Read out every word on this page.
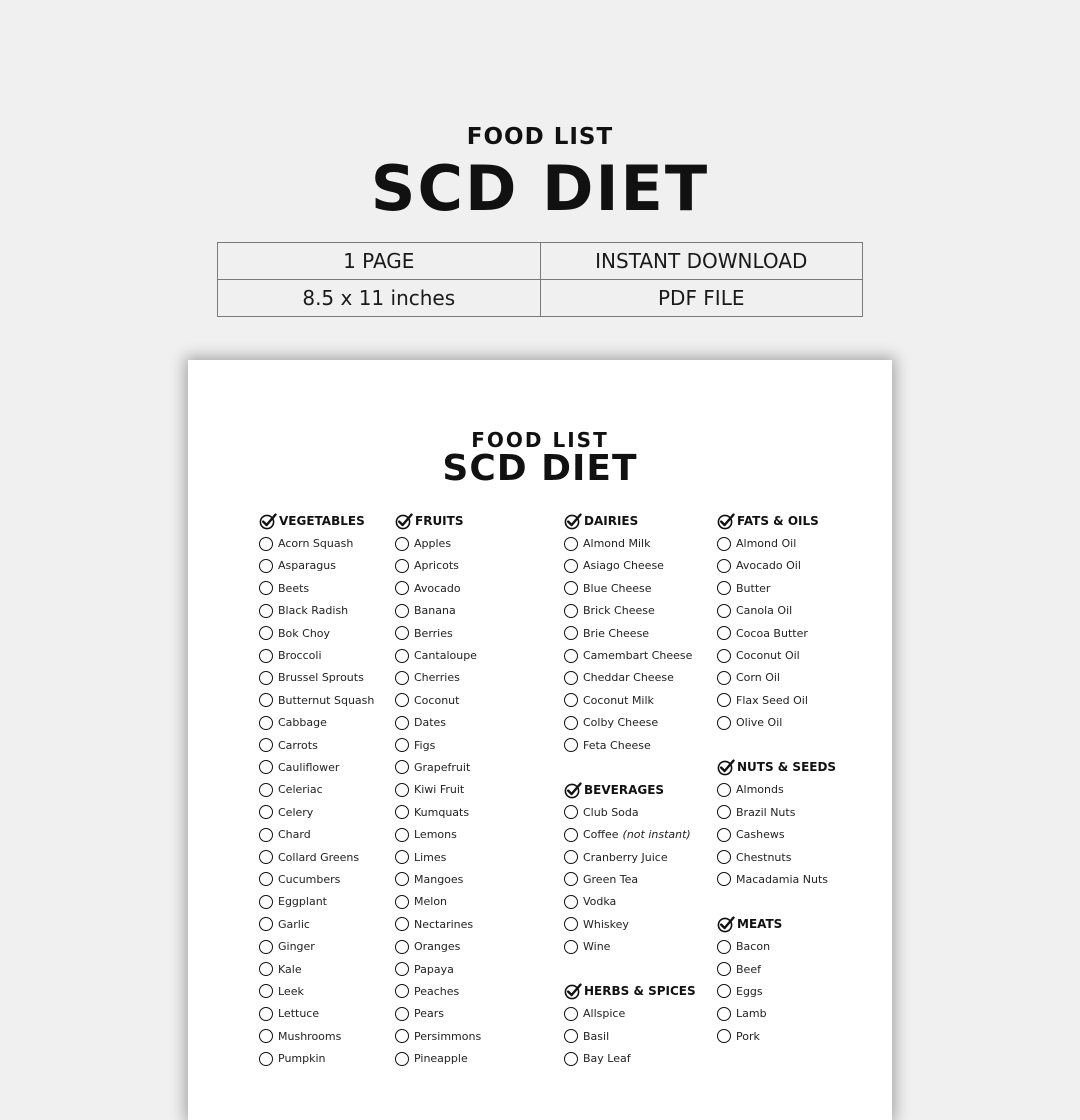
FOOD LIST
SCD DIET
1 PAGE	INSTANT DOWNLOAD
8.5 x 11 inches	PDF FILE
FOOD LIST
SCD DIET
VEGETABLES
Acorn Squash
Asparagus
Beets
Black Radish
Bok Choy
Broccoli
Brussel Sprouts
Butternut Squash
Cabbage
Carrots
Cauliflower
Celeriac
Celery
Chard
Collard Greens
Cucumbers
Eggplant
Garlic
Ginger
Kale
Leek
Lettuce
Mushrooms
Pumpkin
FRUITS
Apples
Apricots
Avocado
Banana
Berries
Cantaloupe
Cherries
Coconut
Dates
Figs
Grapefruit
Kiwi Fruit
Kumquats
Lemons
Limes
Mangoes
Melon
Nectarines
Oranges
Papaya
Peaches
Pears
Persimmons
Pineapple
DAIRIES
Almond Milk
Asiago Cheese
Blue Cheese
Brick Cheese
Brie Cheese
Camembart Cheese
Cheddar Cheese
Coconut Milk
Colby Cheese
Feta Cheese
BEVERAGES
Club Soda
Coffee (not instant)
Cranberry Juice
Green Tea
Vodka
Whiskey
Wine
HERBS & SPICES
Allspice
Basil
Bay Leaf
FATS & OILS
Almond Oil
Avocado Oil
Butter
Canola Oil
Cocoa Butter
Coconut Oil
Corn Oil
Flax Seed Oil
Olive Oil
NUTS & SEEDS
Almonds
Brazil Nuts
Cashews
Chestnuts
Macadamia Nuts
MEATS
Bacon
Beef
Eggs
Lamb
Pork
